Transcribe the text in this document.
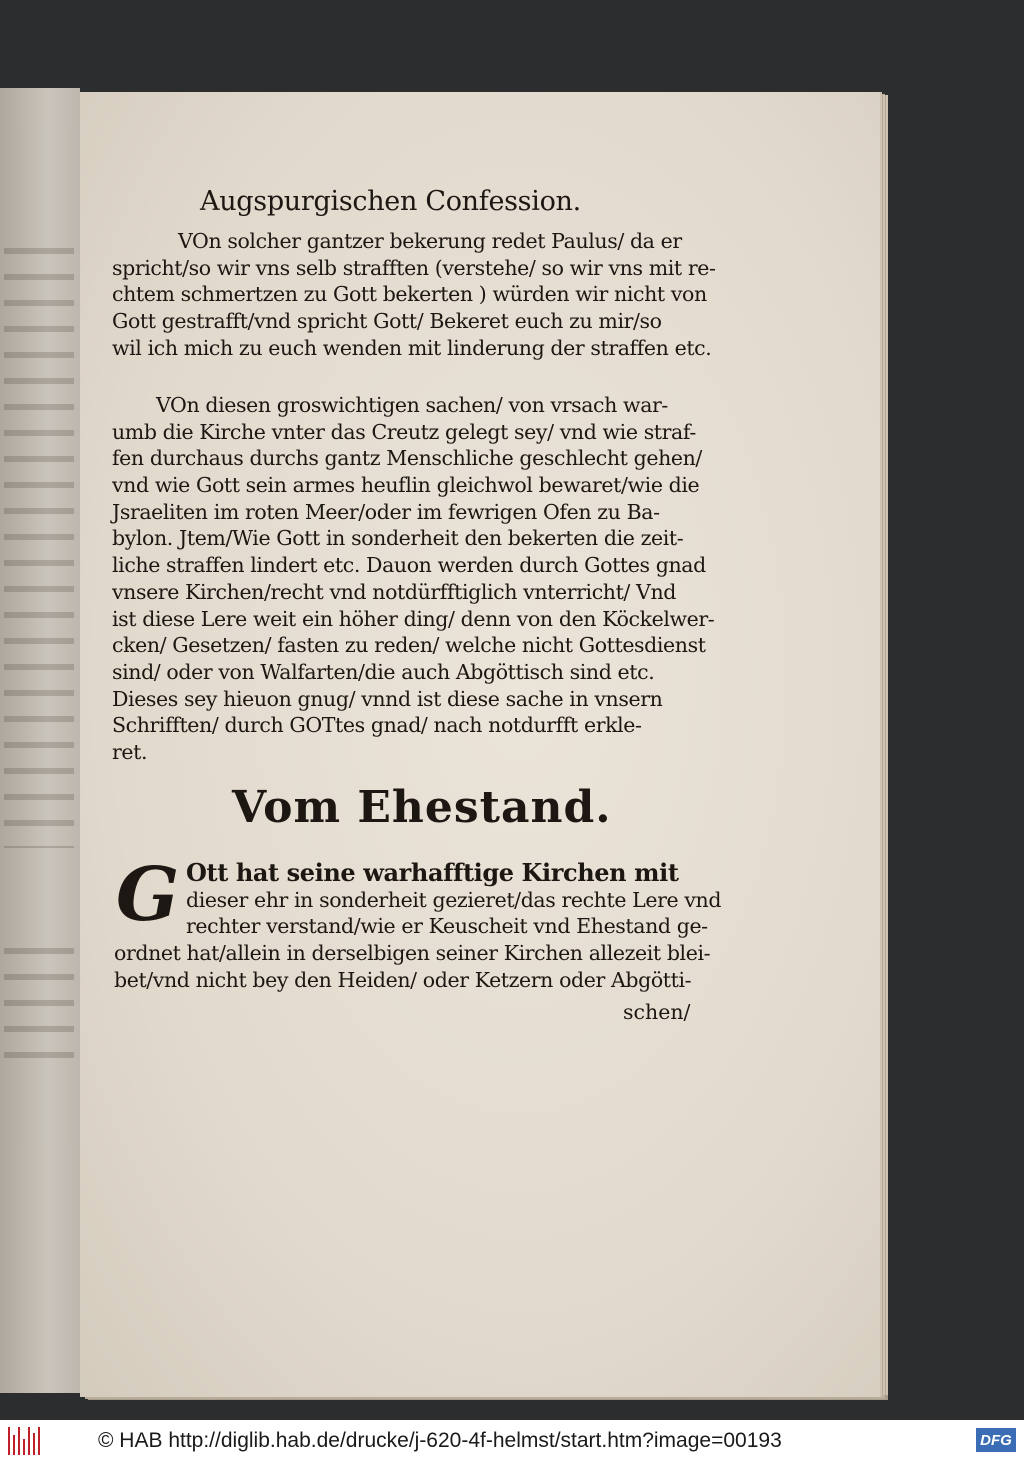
Augspurgischen Confession.
VOn solcher gantzer bekerung redet Paulus/ da er
spricht/so wir vns selb strafften (verstehe/ so wir vns mit re-
chtem schmertzen zu Gott bekerten ) würden wir nicht von
Gott gestrafft/vnd spricht Gott/ Bekeret euch zu mir/so
wil ich mich zu euch wenden mit linderung der straffen etc.
VOn diesen groswichtigen sachen/ von vrsach war-
umb die Kirche vnter das Creutz gelegt sey/ vnd wie straf-
fen durchaus durchs gantz Menschliche geschlecht gehen/
vnd wie Gott sein armes heuflin gleichwol bewaret/wie die
Jsraeliten im roten Meer/oder im fewrigen Ofen zu Ba-
bylon. Jtem/Wie Gott in sonderheit den bekerten die zeit-
liche straffen lindert etc. Dauon werden durch Gottes gnad
vnsere Kirchen/recht vnd notdürfftiglich vnterricht/ Vnd
ist diese Lere weit ein höher ding/ denn von den Köckelwer-
cken/ Gesetzen/ fasten zu reden/ welche nicht Gottesdienst
sind/ oder von Walfarten/die auch Abgöttisch sind etc.
Dieses sey hieuon gnug/ vnnd ist diese sache in vnsern
Schrifften/ durch GOTtes gnad/ nach notdurfft erkle-
ret.
Vom Ehestand.
G Ott hat seine warhafftige Kirchen mit
dieser ehr in sonderheit gezieret/das rechte Lere vnd
rechter verstand/wie er Keuscheit vnd Ehestand ge-
ordnet hat/allein in derselbigen seiner Kirchen allezeit blei-
bet/vnd nicht bey den Heiden/ oder Ketzern oder Abgötti-
schen/
© HAB http://diglib.hab.de/drucke/j-620-4f-helmst/start.htm?image=00193	DFG
